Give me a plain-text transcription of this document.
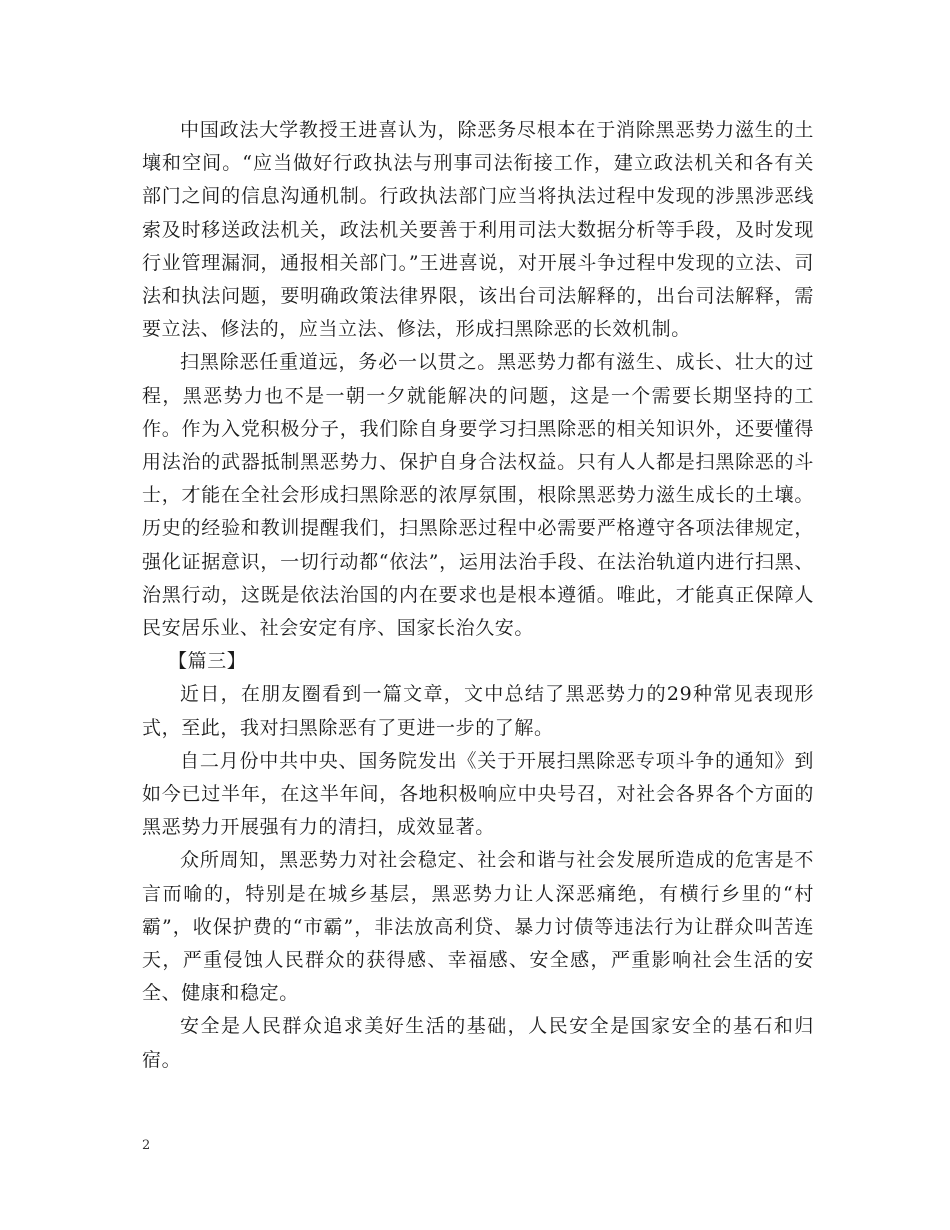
中国政法大学教授王进喜认为，除恶务尽根本在于消除黑恶势力滋生的土壤和空间。“应当做好行政执法与刑事司法衔接工作，建立政法机关和各有关部门之间的信息沟通机制。行政执法部门应当将执法过程中发现的涉黑涉恶线索及时移送政法机关，政法机关要善于利用司法大数据分析等手段，及时发现行业管理漏洞，通报相关部门。”王进喜说，对开展斗争过程中发现的立法、司法和执法问题，要明确政策法律界限，该出台司法解释的，出台司法解释，需要立法、修法的，应当立法、修法，形成扫黑除恶的长效机制。

扫黑除恶任重道远，务必一以贯之。黑恶势力都有滋生、成长、壮大的过程，黑恶势力也不是一朝一夕就能解决的问题，这是一个需要长期坚持的工作。作为入党积极分子，我们除自身要学习扫黑除恶的相关知识外，还要懂得用法治的武器抵制黑恶势力、保护自身合法权益。只有人人都是扫黑除恶的斗士，才能在全社会形成扫黑除恶的浓厚氛围，根除黑恶势力滋生成长的土壤。历史的经验和教训提醒我们，扫黑除恶过程中必需要严格遵守各项法律规定，强化证据意识，一切行动都“依法”，运用法治手段、在法治轨道内进行扫黑、治黑行动，这既是依法治国的内在要求也是根本遵循。唯此，才能真正保障人民安居乐业、社会安定有序、国家长治久安。

【篇三】

近日，在朋友圈看到一篇文章，文中总结了黑恶势力的29种常见表现形式，至此，我对扫黑除恶有了更进一步的了解。

自二月份中共中央、国务院发出《关于开展扫黑除恶专项斗争的通知》到如今已过半年，在这半年间，各地积极响应中央号召，对社会各界各个方面的黑恶势力开展强有力的清扫，成效显著。

众所周知，黑恶势力对社会稳定、社会和谐与社会发展所造成的危害是不言而喻的，特别是在城乡基层，黑恶势力让人深恶痛绝，有横行乡里的“村霸”，收保护费的“市霸”，非法放高利贷、暴力讨债等违法行为让群众叫苦连天，严重侵蚀人民群众的获得感、幸福感、安全感，严重影响社会生活的安全、健康和稳定。

安全是人民群众追求美好生活的基础，人民安全是国家安全的基石和归宿。

2
